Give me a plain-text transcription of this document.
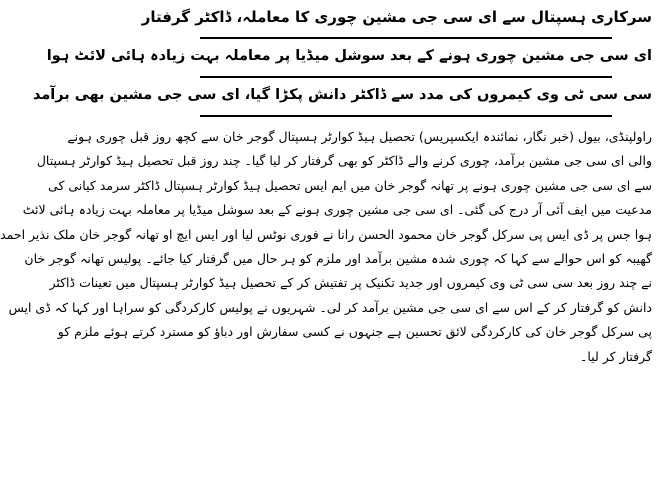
سرکاری ہسپتال سے ای سی جی مشین چوری کا معاملہ، ڈاکٹر گرفتار
ای سی جی مشین چوری ہونے کے بعد سوشل میڈیا پر معاملہ بہت زیادہ ہائی لائٹ ہوا
سی سی ٹی وی کیمروں کی مدد سے ڈاکٹر دانش پکڑا گیا، ای سی جی مشین بھی برآمد
راولپنڈی، بیول (خبر نگار، نمائندہ ایکسپریس) تحصیل ہیڈ کوارٹر ہسپتال گوجر خان سے کچھ روز قبل چوری ہونے
والی ای سی جی مشین برآمد، چوری کرنے والے ڈاکٹر کو بھی گرفتار کر لیا گیا۔ چند روز قبل تحصیل ہیڈ کوارٹر ہسپتال
سے ای سی جی مشین چوری ہونے پر تھانہ گوجر خان میں ایم ایس تحصیل ہیڈ کوارٹر ہسپتال ڈاکٹر سرمد کیانی کی
مدعیت میں ایف آئی آر درج کی گئی۔ ای سی جی مشین چوری ہونے کے بعد سوشل میڈیا پر معاملہ بہت زیادہ ہائی لائٹ
ہوا جس پر ڈی ایس پی سرکل گوجر خان محمود الحسن رانا نے فوری نوٹس لیا اور ایس ایچ او تھانہ گوجر خان ملک نذیر احمد
گھیبہ کو اس حوالے سے کہا کہ چوری شدہ مشین برآمد اور ملزم کو ہر حال میں گرفتار کیا جائے۔ پولیس تھانہ گوجر خان
نے چند روز بعد سی سی ٹی وی کیمروں اور جدید تکنیک پر تفتیش کر کے تحصیل ہیڈ کوارٹر ہسپتال میں تعینات ڈاکٹر
دانش کو گرفتار کر کے اس سے ای سی جی مشین برآمد کر لی۔ شہریوں نے پولیس کارکردگی کو سراہا اور کہا کہ ڈی ایس
پی سرکل گوجر خان کی کارکردگی لائق تحسین ہے جنہوں نے کسی سفارش اور دباؤ کو مسترد کرتے ہوئے ملزم کو
گرفتار کر لیا۔
